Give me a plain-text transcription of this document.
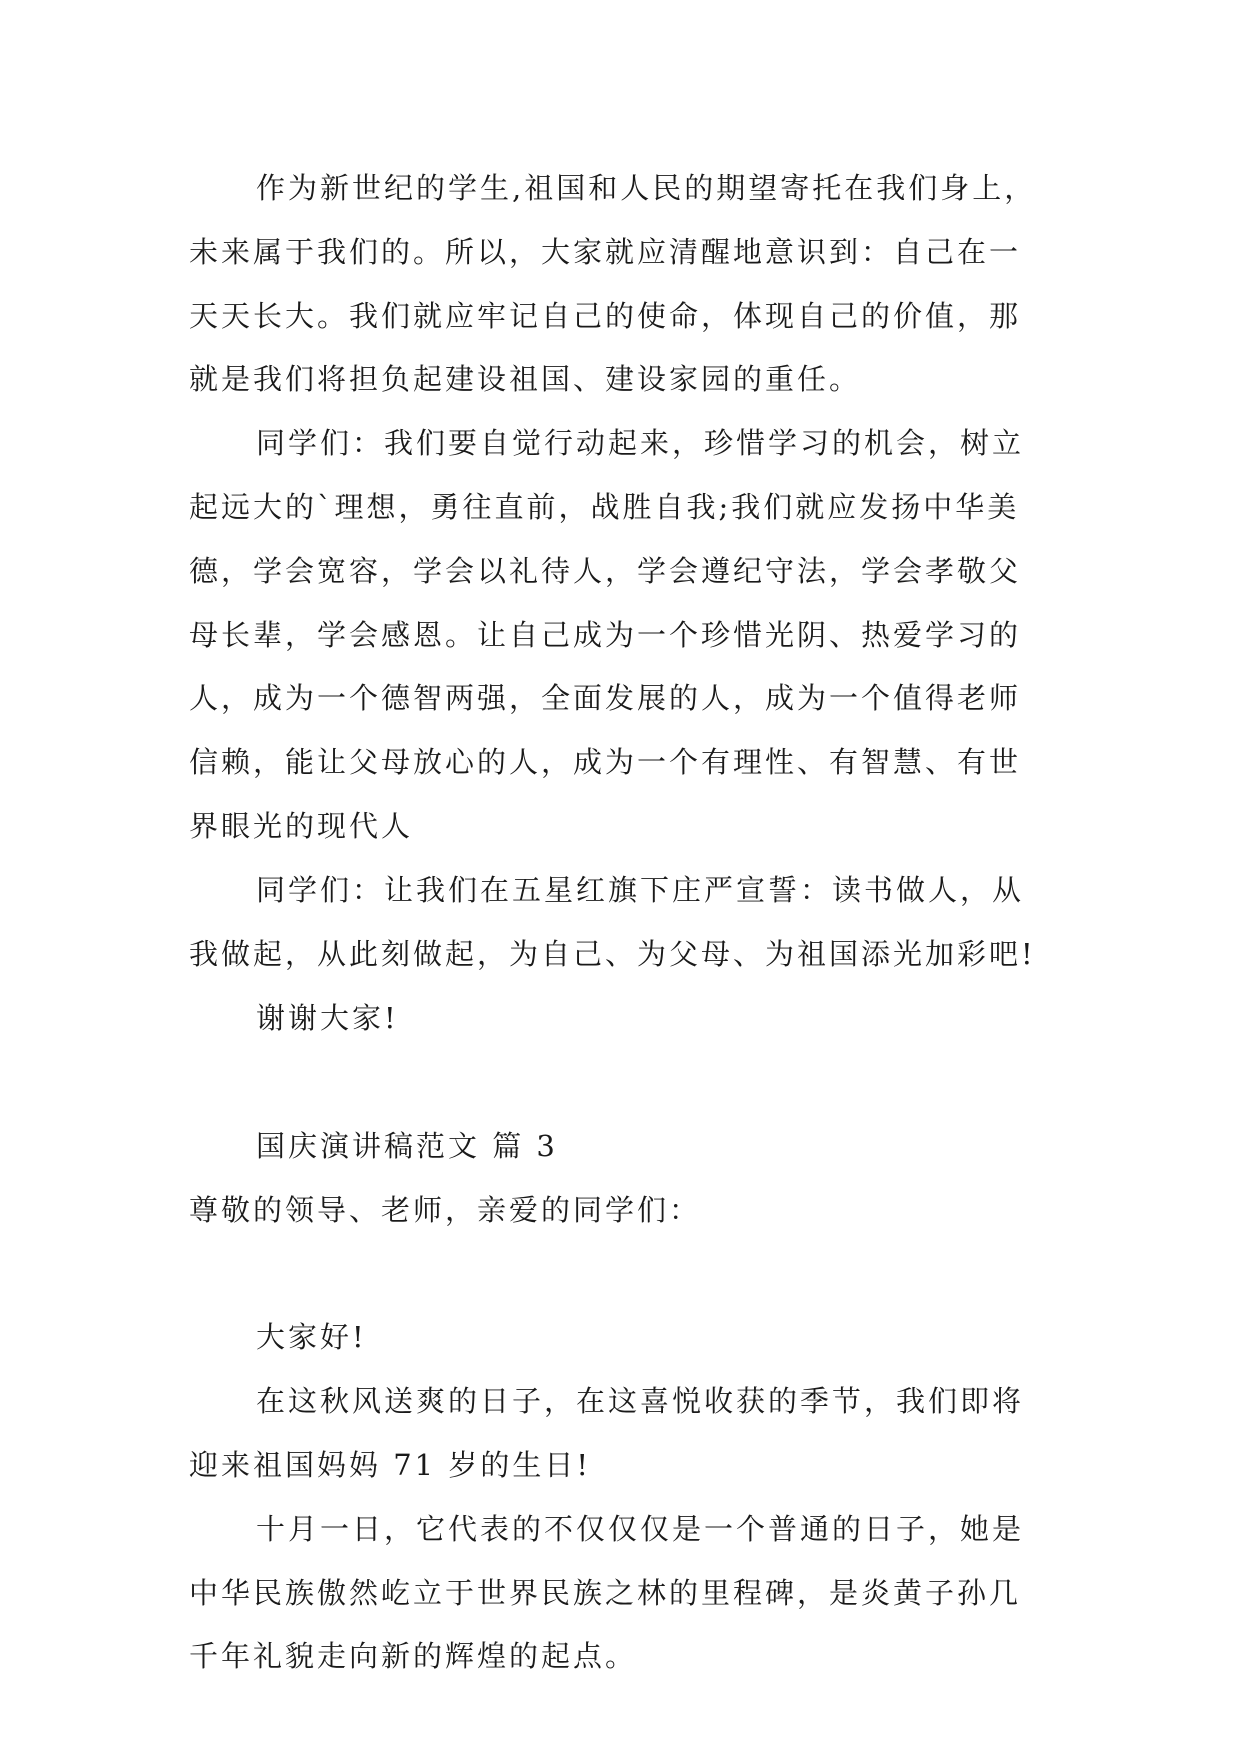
作为新世纪的学生,祖国和人民的期望寄托在我们身上，
未来属于我们的。所以，大家就应清醒地意识到：自己在一
天天长大。我们就应牢记自己的使命，体现自己的价值，那
就是我们将担负起建设祖国、建设家园的重任。
同学们：我们要自觉行动起来，珍惜学习的机会，树立
起远大的`理想，勇往直前，战胜自我;我们就应发扬中华美
德，学会宽容，学会以礼待人，学会遵纪守法，学会孝敬父
母长辈，学会感恩。让自己成为一个珍惜光阴、热爱学习的
人，成为一个德智两强，全面发展的人，成为一个值得老师
信赖，能让父母放心的人，成为一个有理性、有智慧、有世
界眼光的现代人
同学们：让我们在五星红旗下庄严宣誓：读书做人，从
我做起，从此刻做起，为自己、为父母、为祖国添光加彩吧!
谢谢大家!
国庆演讲稿范文 篇 3
尊敬的领导、老师，亲爱的同学们：
大家好!
在这秋风送爽的日子，在这喜悦收获的季节，我们即将
迎来祖国妈妈 71 岁的生日!
十月一日，它代表的不仅仅仅是一个普通的日子，她是
中华民族傲然屹立于世界民族之林的里程碑，是炎黄子孙几
千年礼貌走向新的辉煌的起点。
